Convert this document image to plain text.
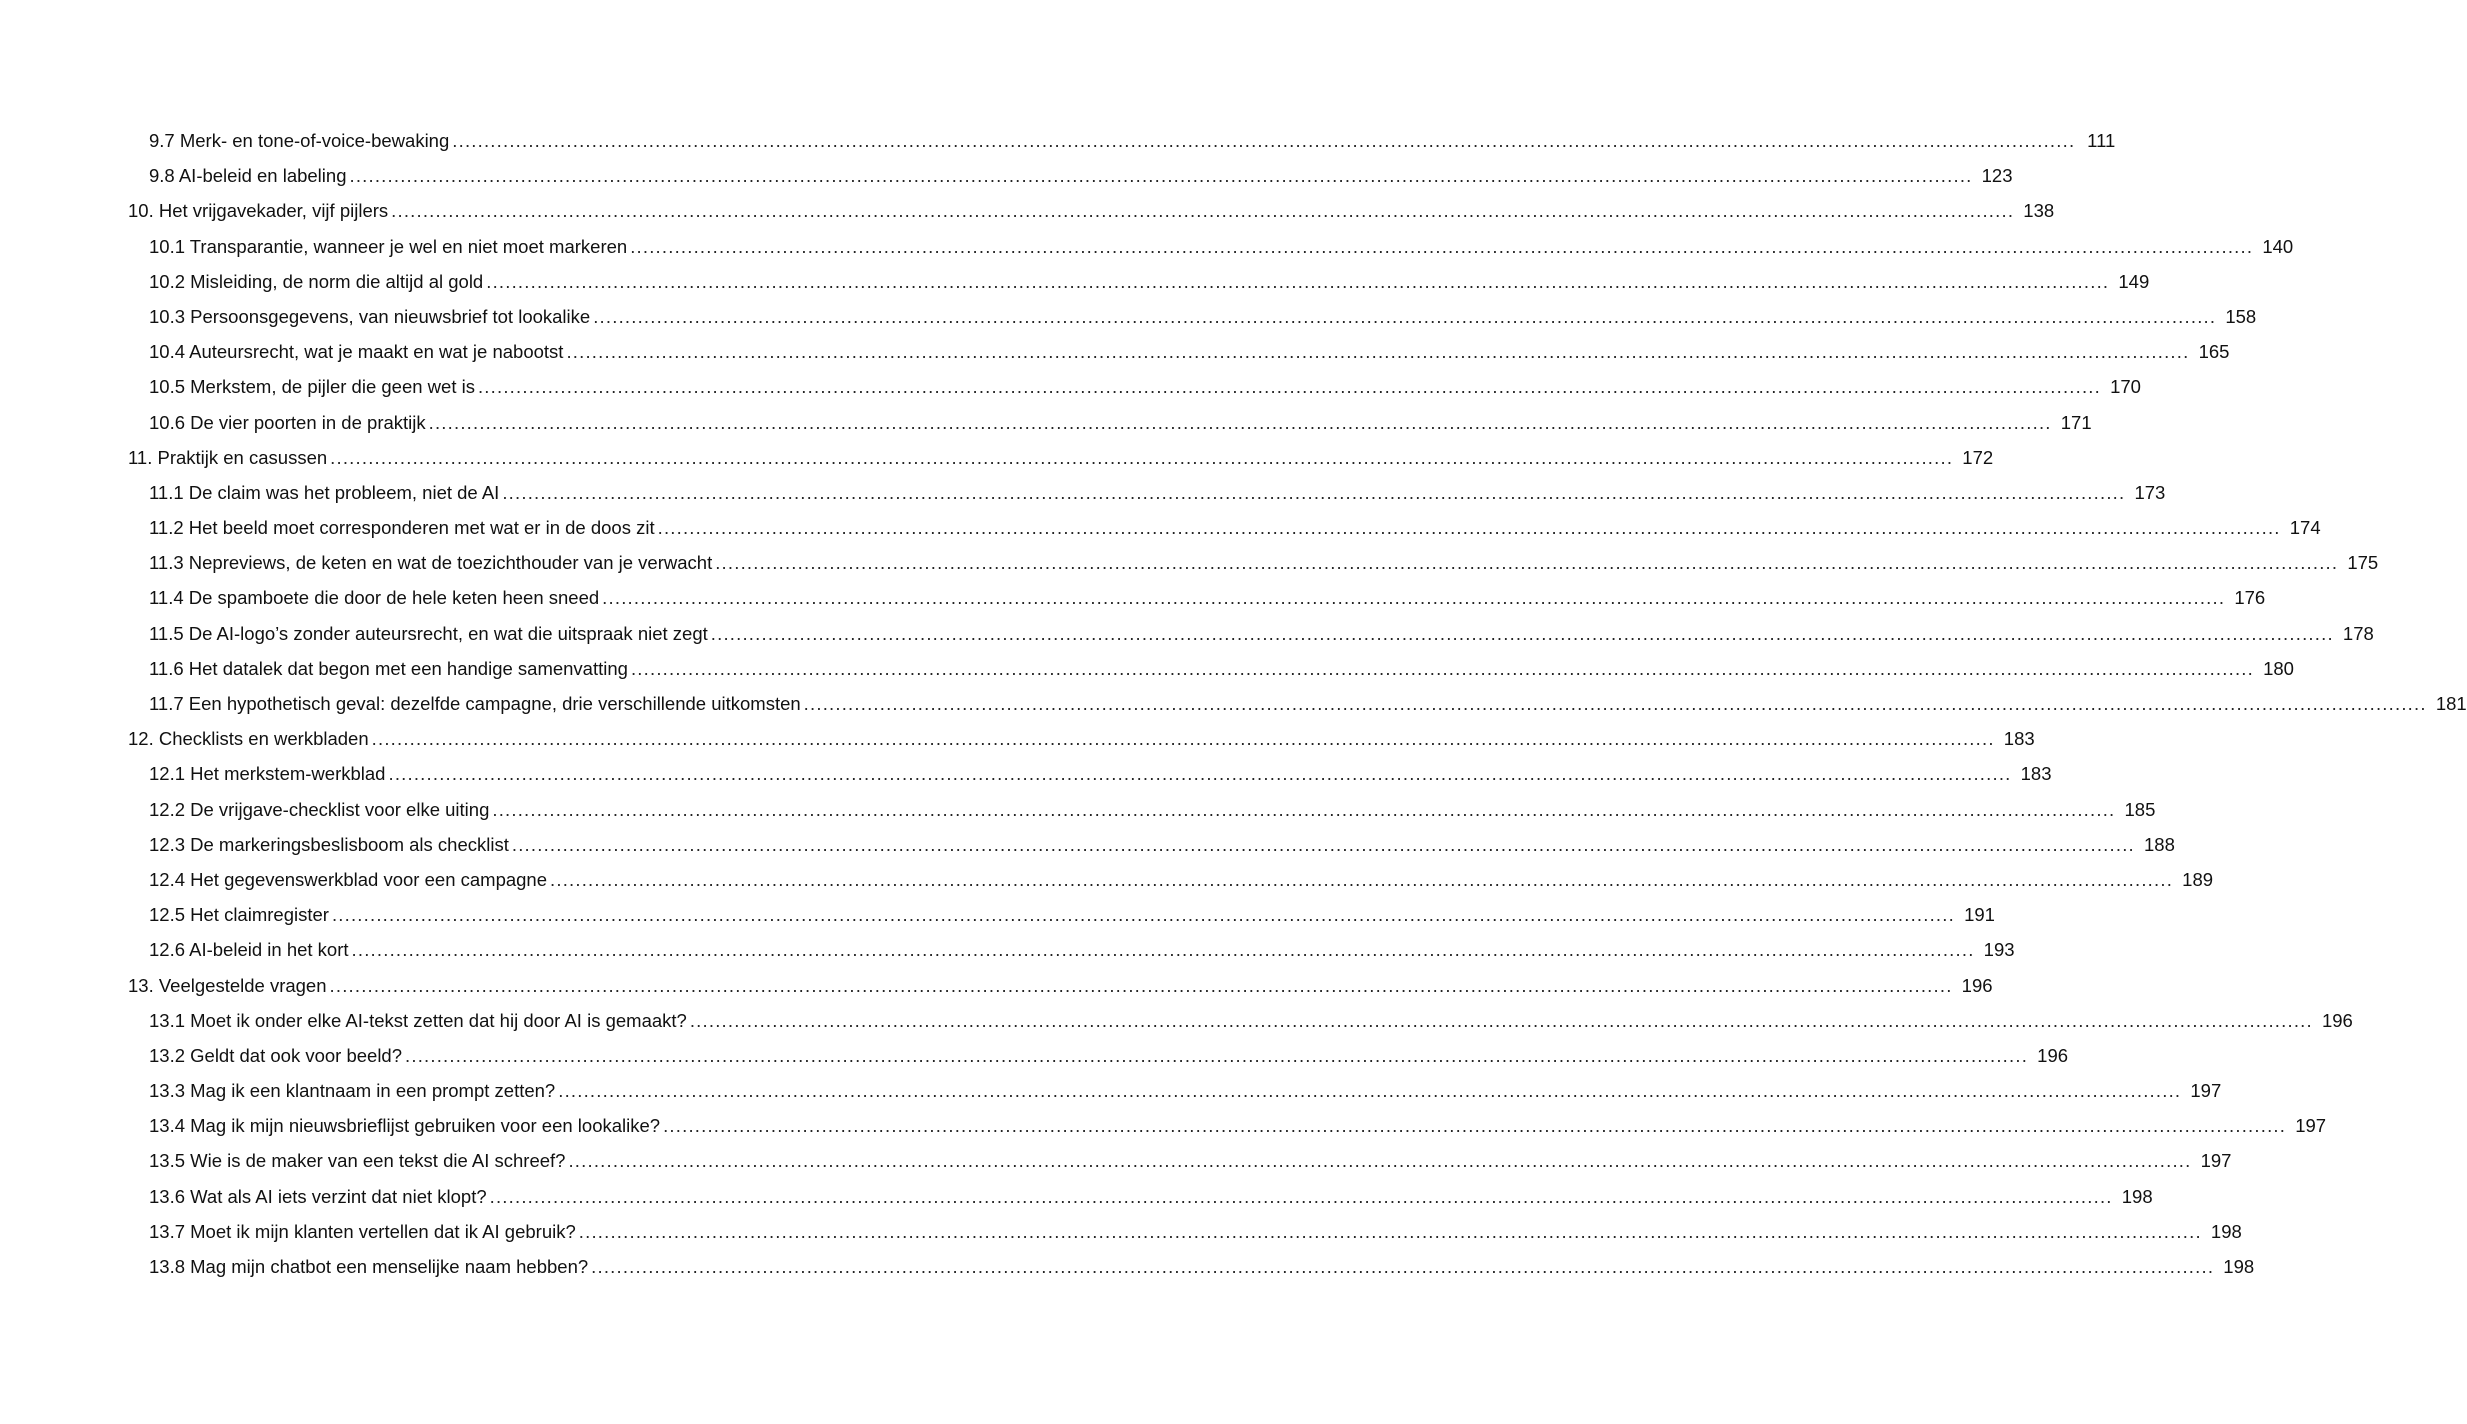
9.7 Merk- en tone-of-voice-bewaking .....	111
9.8 AI-beleid en labeling .....	123
10. Het vrijgavekader, vijf pijlers .....	138
10.1 Transparantie, wanneer je wel en niet moet markeren .....	140
10.2 Misleiding, de norm die altijd al gold .....	149
10.3 Persoonsgegevens, van nieuwsbrief tot lookalike .....	158
10.4 Auteursrecht, wat je maakt en wat je nabootst .....	165
10.5 Merkstem, de pijler die geen wet is .....	170
10.6 De vier poorten in de praktijk .....	171
11. Praktijk en casussen .....	172
11.1 De claim was het probleem, niet de AI .....	173
11.2 Het beeld moet corresponderen met wat er in de doos zit .....	174
11.3 Nepreviews, de keten en wat de toezichthouder van je verwacht .....	175
11.4 De spamboete die door de hele keten heen sneed .....	176
11.5 De AI-logo’s zonder auteursrecht, en wat die uitspraak niet zegt .....	178
11.6 Het datalek dat begon met een handige samenvatting .....	180
11.7 Een hypothetisch geval: dezelfde campagne, drie verschillende uitkomsten .....	181
12. Checklists en werkbladen .....	183
12.1 Het merkstem-werkblad .....	183
12.2 De vrijgave-checklist voor elke uiting .....	185
12.3 De markeringsbeslisboom als checklist .....	188
12.4 Het gegevenswerkblad voor een campagne .....	189
12.5 Het claimregister .....	191
12.6 AI-beleid in het kort .....	193
13. Veelgestelde vragen .....	196
13.1 Moet ik onder elke AI-tekst zetten dat hij door AI is gemaakt? .....	196
13.2 Geldt dat ook voor beeld? .....	196
13.3 Mag ik een klantnaam in een prompt zetten? .....	197
13.4 Mag ik mijn nieuwsbrieflijst gebruiken voor een lookalike? .....	197
13.5 Wie is de maker van een tekst die AI schreef? .....	197
13.6 Wat als AI iets verzint dat niet klopt? .....	198
13.7 Moet ik mijn klanten vertellen dat ik AI gebruik? .....	198
13.8 Mag mijn chatbot een menselijke naam hebben? .....	198
